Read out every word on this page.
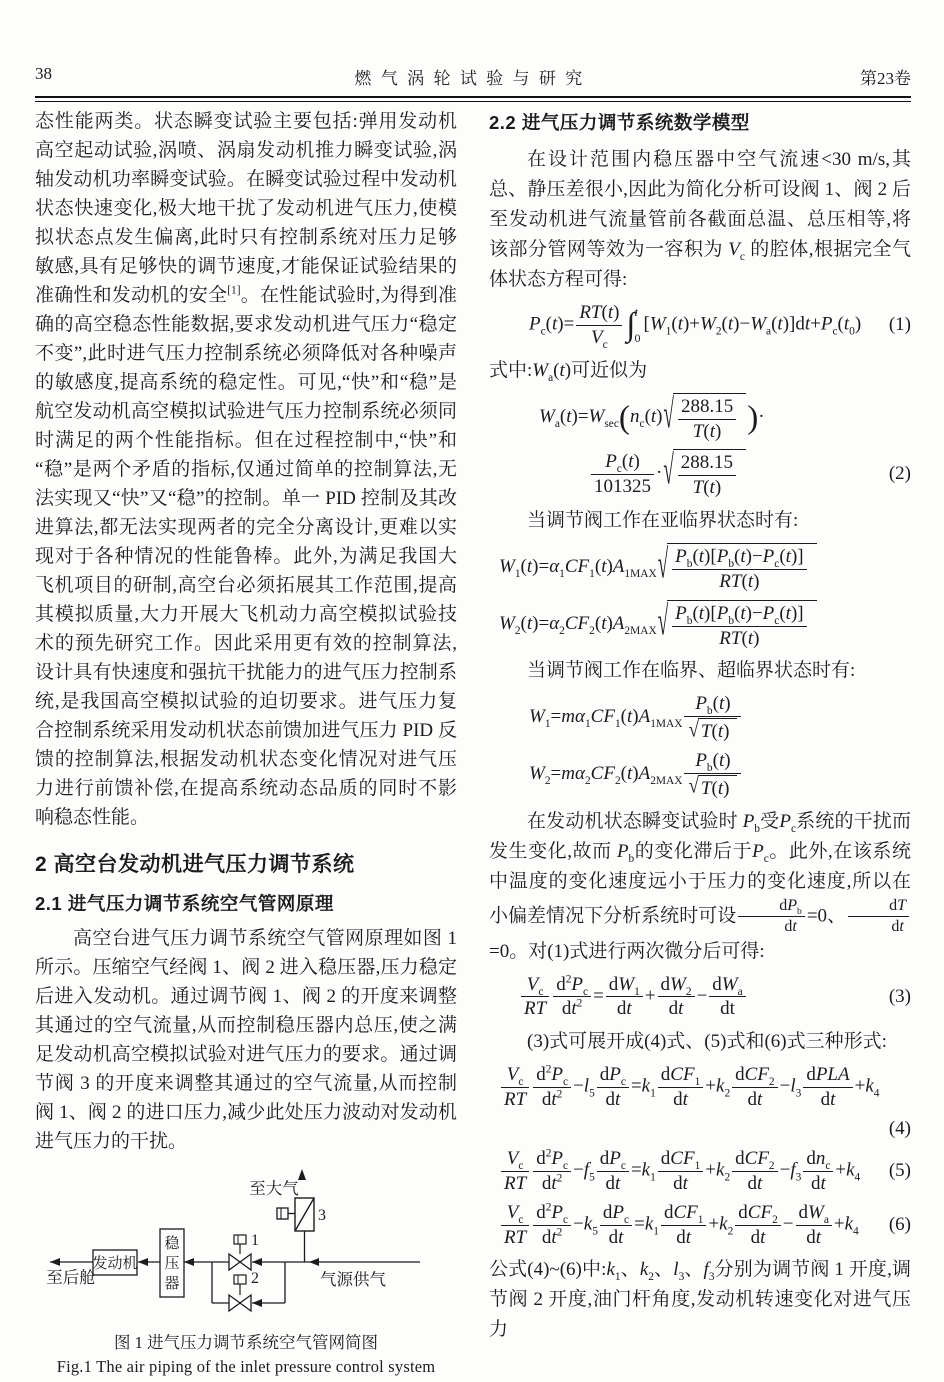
38	燃气涡轮试验与研究	第23卷

态性能两类。状态瞬变试验主要包括:弹用发动机高空起动试验,涡喷、涡扇发动机推力瞬变试验,涡轴发动机功率瞬变试验。在瞬变试验过程中发动机状态快速变化,极大地干扰了发动机进气压力,使模拟状态点发生偏离,此时只有控制系统对压力足够敏感,具有足够快的调节速度,才能保证试验结果的准确性和发动机的安全[1]。在性能试验时,为得到准确的高空稳态性能数据,要求发动机进气压力“稳定不变”,此时进气压力控制系统必须降低对各种噪声的敏感度,提高系统的稳定性。可见,“快”和“稳”是航空发动机高空模拟试验进气压力控制系统必须同时满足的两个性能指标。但在过程控制中,“快”和“稳”是两个矛盾的指标,仅通过简单的控制算法,无法实现又“快”又“稳”的控制。单一 PID 控制及其改进算法,都无法实现两者的完全分离设计,更难以实现对于各种情况的性能鲁棒。此外,为满足我国大飞机项目的研制,高空台必须拓展其工作范围,提高其模拟质量,大力开展大飞机动力高空模拟试验技术的预先研究工作。因此采用更有效的控制算法,设计具有快速度和强抗干扰能力的进气压力控制系统,是我国高空模拟试验的迫切要求。进气压力复合控制系统采用发动机状态前馈加进气压力 PID 反馈的控制算法,根据发动机状态变化情况对进气压力进行前馈补偿,在提高系统动态品质的同时不影响稳态性能。

2 高空台发动机进气压力调节系统
2.1 进气压力调节系统空气管网原理

高空台进气压力调节系统空气管网原理如图 1 所示。压缩空气经阀 1、阀 2 进入稳压器,压力稳定后进入发动机。通过调节阀 1、阀 2 的开度来调整其通过的空气流量,从而控制稳压器内总压,使之满足发动机高空模拟试验对进气压力的要求。通过调节阀 3 的开度来调整其通过的空气流量,从而控制阀 1、阀 2 的进口压力,减少此处压力波动对发动机进气压力的干扰。

至大气
3
发动机
稳
压
器
1
2
至后舱	气源供气
图 1 进气压力调节系统空气管网简图
Fig.1 The air piping of the inlet pressure control system
2.2 进气压力调节系统数学模型

在设计范围内稳压器中空气流速<30 m/s,其总、静压差很小,因此为简化分析可设阀 1、阀 2 后至发动机进气流量管前各截面总温、总压相等,将该部分管网等效为一容积为 $V_c$ 的腔体,根据完全气体状态方程可得:

$P_c(t)= \frac{RT(t)}{V_c}$ ∫ t
0
$[W_1(t)+W_2(t)-W_a(t)]dt+P_c(t_0)$	(1)

式中$:W_a(t)$可近似为

$W_a(t)=W_{sec}(n_c(t)$ √ $\frac{288.15}{T(t)}$ )·
$\frac{P_c(t)}{101325}$ · √ $\frac{288.15}{T(t)}$	(2)

当调节阀工作在亚临界状态时有:

$W_1(t)=\alpha_1CF_1(t)A_{1MAX}$ √ $\frac{P_b(t)[P_b(t)-P_c(t)]}{RT(t)}$
$W_2(t)=\alpha_2CF_2(t)A_{2MAX}$ √ $\frac{P_b(t)[P_b(t)-P_c(t)]}{RT(t)}$

当调节阀工作在临界、超临界状态时有:

$W_1=m\alpha_1CF_1(t)A_{1MAX} \frac{P_b(t)}{√ T(t)}$
$W_2=m\alpha_2CF_2(t)A_{2MAX} \frac{P_b(t)}{√ T(t)}$

在发动机状态瞬变试验时 $P_b$受$P_c$系统的干扰而发生变化,故而 $P_b$的变化滞后于$P_c$。此外,在该系统中温度的变化速度远小于压力的变化速度,所以在小偏差情况下分析系统时可设 $\frac{dP_b}{dt} =0$、 $\frac{dT}{dt}$
=0。对(1)式进行两次微分后可得:

$\frac{V_c}{RT} \frac{d^2P_c}{dt^2} = \frac{dW_1}{dt} + \frac{dW_2}{dt} - \frac{dW_a}{dt}$	(3)

(3)式可展开成(4)式、(5)式和(6)式三种形式:

$\frac{V_c}{RT} \frac{d^2P_c}{dt^2} -l_5 \frac{dP_c}{dt} =k_1 \frac{dCF_1}{dt} +k_2 \frac{dCF_2}{dt} -l_3 \frac{\text{dPLA}}{dt} +k_4$
(4)
$\frac{V_c}{RT} \frac{d^2P_c}{dt^2} -f_5 \frac{dP_c}{dt} =k_1 \frac{dCF_1}{dt} +k_2 \frac{dCF_2}{dt} -f_3 \frac{dn_c}{dt} +k_4$	(5)
$\frac{V_c}{RT} \frac{d^2P_c}{dt^2} -k_5 \frac{dP_c}{dt} =k_1 \frac{dCF_1}{dt} +k_2 \frac{dCF_2}{dt} - \frac{dW_a}{dt} +k_4$	(6)

公式(4)~(6)中$:k_1$、$k_2$、$l_3$、$f_3$分别为调节阀 1 开度,调节阀 2 开度,油门杆角度,发动机转速变化对进气压力
